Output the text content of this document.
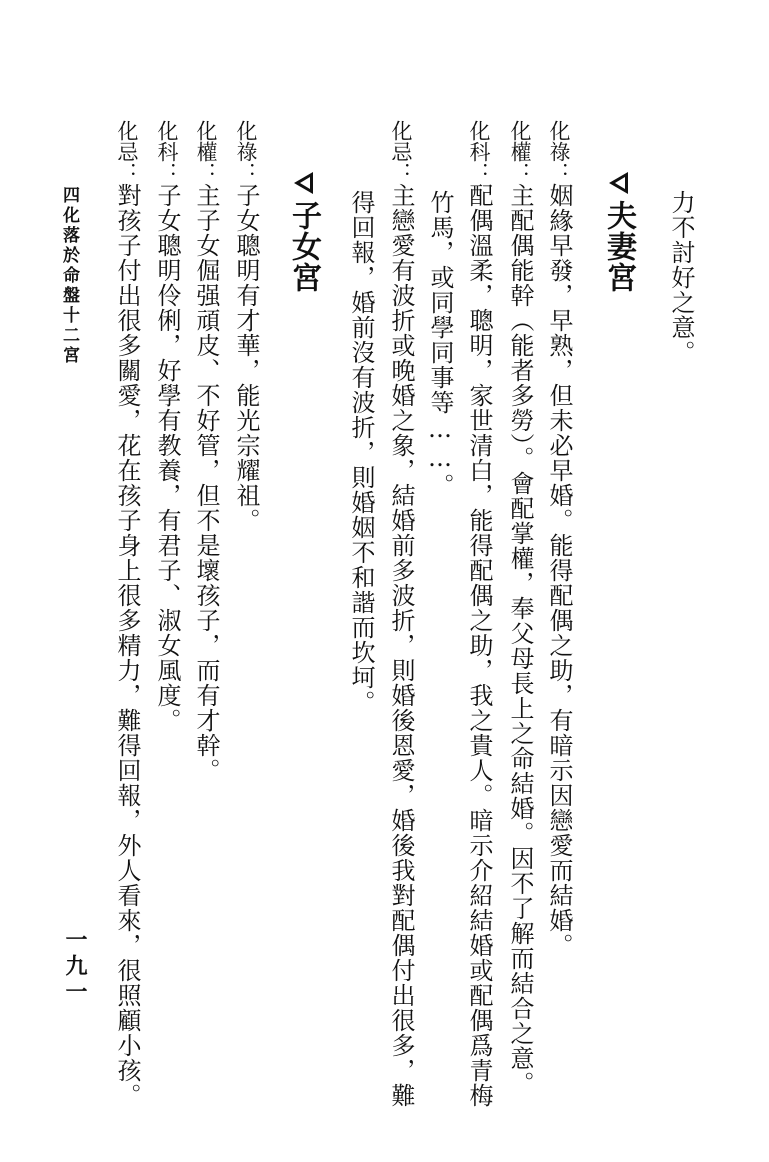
力不討好之意。
夫妻宮
化祿：姻緣早發，早熟，但未必早婚。能得配偶之助，有暗示因戀愛而結婚。
化權：主配偶能幹（能者多勞）。會配掌權，奉父母長上之命結婚。因不了解而結合之意。
化科：配偶溫柔，聰明，家世清白，能得配偶之助，我之貴人。暗示介紹結婚或配偶爲青梅
竹馬，或同學同事等……。
化忌：主戀愛有波折或晚婚之象，結婚前多波折，則婚後恩愛，婚後我對配偶付出很多，難
得回報，婚前沒有波折，則婚姻不和諧而坎坷。
子女宮
化祿：子女聰明有才華，能光宗耀祖。
化權：主子女倔强頑皮、不好管，但不是壞孩子，而有才幹。
化科：子女聰明伶俐，好學有教養，有君子、淑女風度。
化忌：對孩子付出很多關愛，花在孩子身上很多精力，難得回報，外人看來，很照顧小孩。
四化落於命盤十二宮
一九一
